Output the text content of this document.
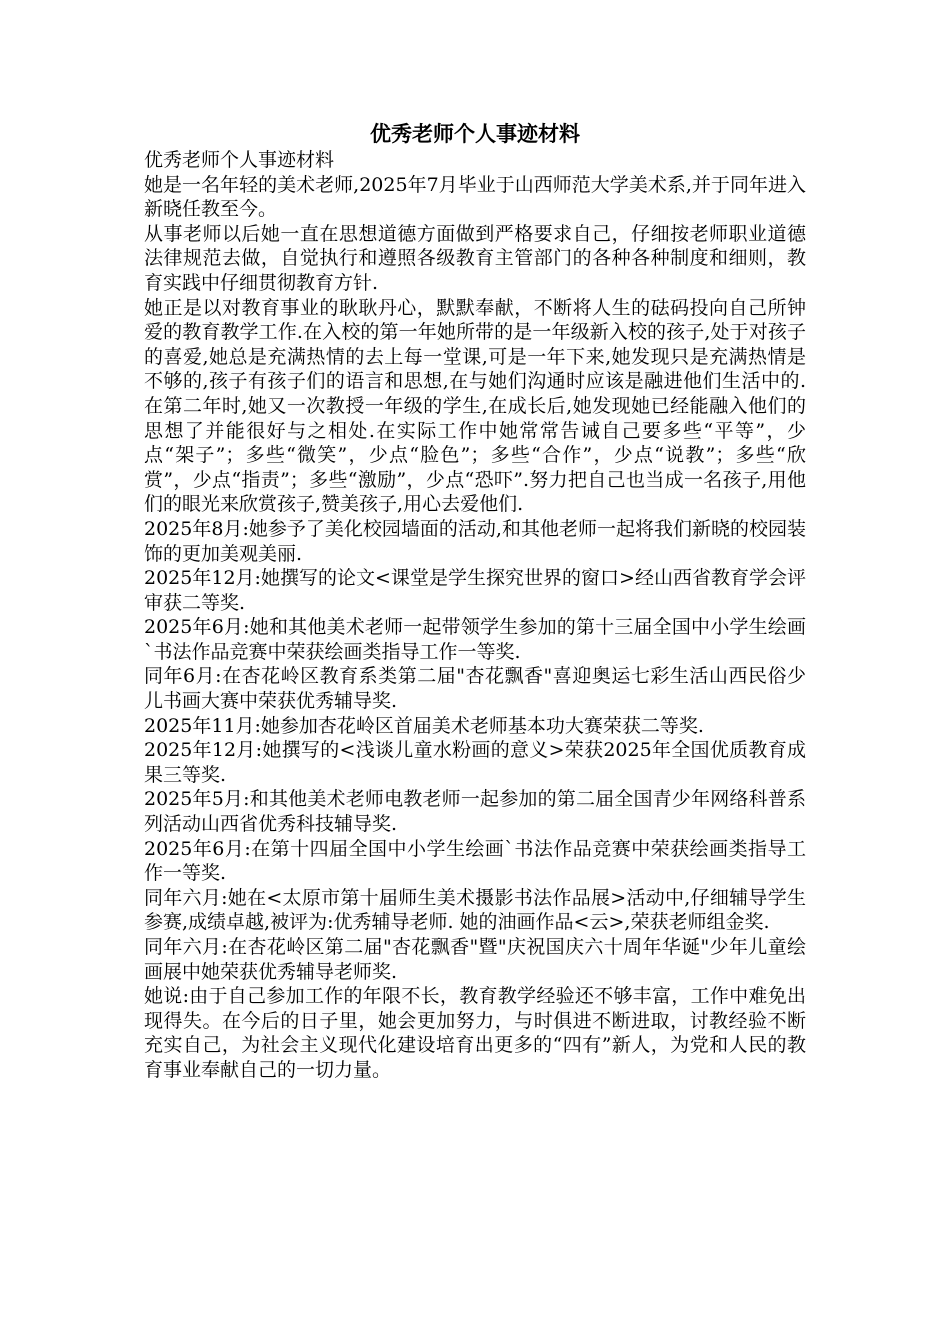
优秀老师个人事迹材料

优秀老师个人事迹材料

她是一名年轻的美术老师,2025年7月毕业于山西师范大学美术系,并于同年进入新晓任教至今。

从事老师以后她一直在思想道德方面做到严格要求自己，仔细按老师职业道德法律规范去做，自觉执行和遵照各级教育主管部门的各种各种制度和细则，教育实践中仔细贯彻教育方针.

她正是以对教育事业的耿耿丹心，默默奉献，不断将人生的砝码投向自己所钟爱的教育教学工作.在入校的第一年她所带的是一年级新入校的孩子,处于对孩子的喜爱,她总是充满热情的去上每一堂课,可是一年下来,她发现只是充满热情是不够的,孩子有孩子们的语言和思想,在与她们沟通时应该是融进他们生活中的.在第二年时,她又一次教授一年级的学生,在成长后,她发现她已经能融入他们的思想了并能很好与之相处.在实际工作中她常常告诫自己要多些“平等”，少点“架子”；多些“微笑”，少点“脸色”；多些“合作”，少点“说教”；多些“欣赏”，少点“指责”；多些“激励”，少点“恐吓”.努力把自己也当成一名孩子,用他们的眼光来欣赏孩子,赞美孩子,用心去爱他们.

2025年8月:她参予了美化校园墙面的活动,和其他老师一起将我们新晓的校园装饰的更加美观美丽.

2025年12月:她撰写的论文<课堂是学生探究世界的窗口>经山西省教育学会评审获二等奖.

2025年6月:她和其他美术老师一起带领学生参加的第十三届全国中小学生绘画`书法作品竞赛中荣获绘画类指导工作一等奖.

同年6月:在杏花岭区教育系类第二届"杏花飘香"喜迎奥运七彩生活山西民俗少儿书画大赛中荣获优秀辅导奖.

2025年11月:她参加杏花岭区首届美术老师基本功大赛荣获二等奖.

2025年12月:她撰写的<浅谈儿童水粉画的意义>荣获2025年全国优质教育成果三等奖.

2025年5月:和其他美术老师电教老师一起参加的第二届全国青少年网络科普系列活动山西省优秀科技辅导奖.

2025年6月:在第十四届全国中小学生绘画`书法作品竞赛中荣获绘画类指导工作一等奖.

同年六月:她在<太原市第十届师生美术摄影书法作品展>活动中,仔细辅导学生参赛,成绩卓越,被评为:优秀辅导老师. 她的油画作品<云>,荣获老师组金奖.

同年六月:在杏花岭区第二届"杏花飘香"暨"庆祝国庆六十周年华诞"少年儿童绘画展中她荣获优秀辅导老师奖.

她说:由于自己参加工作的年限不长，教育教学经验还不够丰富，工作中难免出现得失。在今后的日子里，她会更加努力，与时俱进不断进取，讨教经验不断充实自己，为社会主义现代化建设培育出更多的“四有”新人，为党和人民的教育事业奉献自己的一切力量。
